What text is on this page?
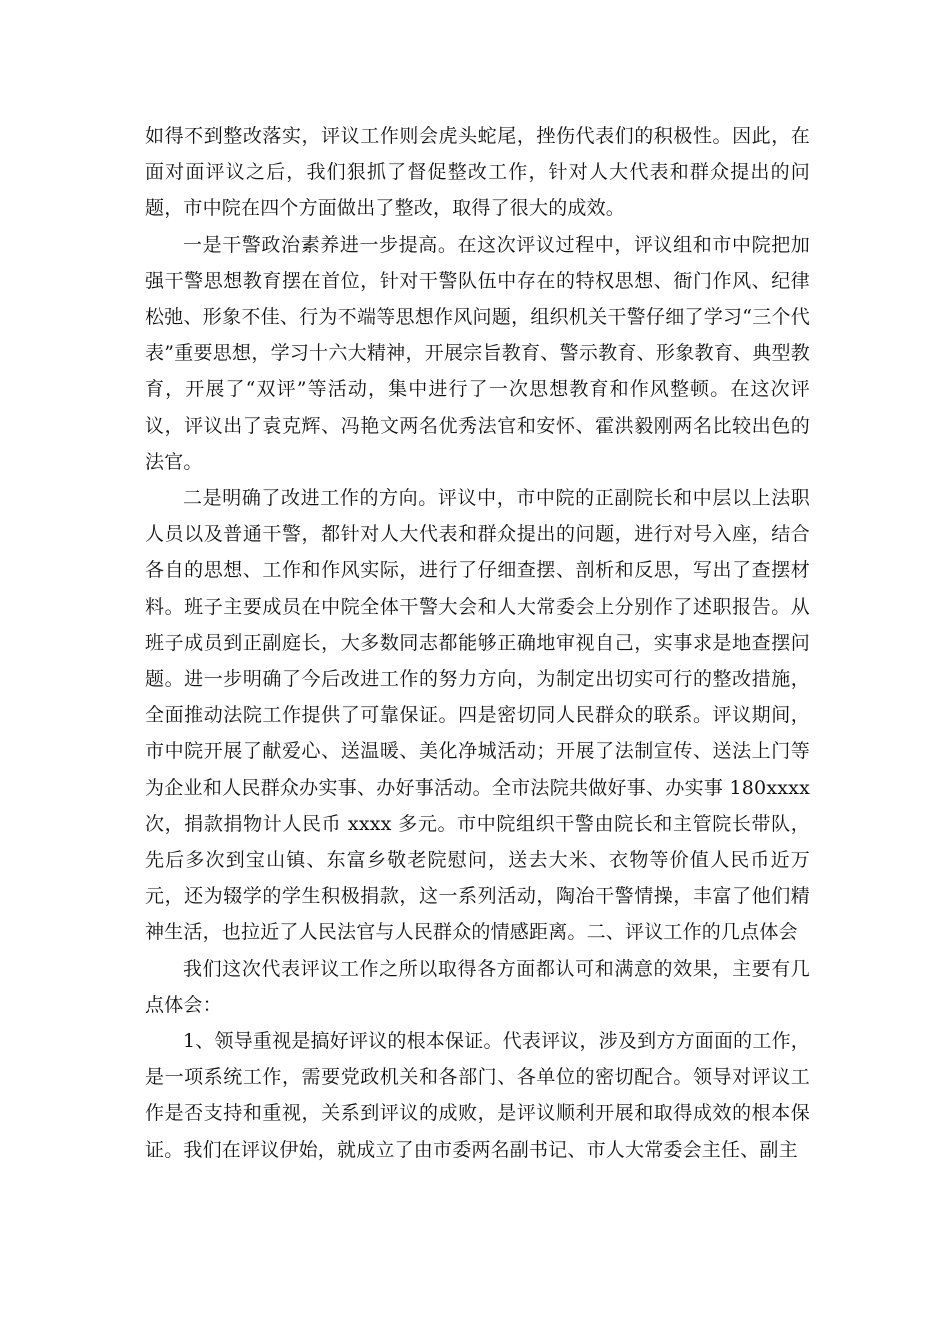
如得不到整改落实，评议工作则会虎头蛇尾，挫伤代表们的积极性。因此，在面对面评议之后，我们狠抓了督促整改工作，针对人大代表和群众提出的问题，市中院在四个方面做出了整改，取得了很大的成效。

一是干警政治素养进一步提高。在这次评议过程中，评议组和市中院把加强干警思想教育摆在首位，针对干警队伍中存在的特权思想、衙门作风、纪律松弛、形象不佳、行为不端等思想作风问题，组织机关干警仔细了学习“三个代表”重要思想，学习十六大精神，开展宗旨教育、警示教育、形象教育、典型教育，开展了“双评”等活动，集中进行了一次思想教育和作风整顿。在这次评议，评议出了袁克辉、冯艳文两名优秀法官和安怀、霍洪毅刚两名比较出色的法官。

二是明确了改进工作的方向。评议中，市中院的正副院长和中层以上法职人员以及普通干警，都针对人大代表和群众提出的问题，进行对号入座，结合各自的思想、工作和作风实际，进行了仔细查摆、剖析和反思，写出了查摆材料。班子主要成员在中院全体干警大会和人大常委会上分别作了述职报告。从班子成员到正副庭长，大多数同志都能够正确地审视自己，实事求是地查摆问题。进一步明确了今后改进工作的努力方向，为制定出切实可行的整改措施，全面推动法院工作提供了可靠保证。四是密切同人民群众的联系。评议期间，市中院开展了献爱心、送温暖、美化净城活动；开展了法制宣传、送法上门等为企业和人民群众办实事、办好事活动。全市法院共做好事、办实事 180xxxx 次，捐款捐物计人民币 xxxx 多元。市中院组织干警由院长和主管院长带队，先后多次到宝山镇、东富乡敬老院慰问，送去大米、衣物等价值人民币近万元，还为辍学的学生积极捐款，这一系列活动，陶冶干警情操，丰富了他们精神生活，也拉近了人民法官与人民群众的情感距离。二、评议工作的几点体会

我们这次代表评议工作之所以取得各方面都认可和满意的效果，主要有几点体会：

1、领导重视是搞好评议的根本保证。代表评议，涉及到方方面面的工作，是一项系统工作，需要党政机关和各部门、各单位的密切配合。领导对评议工作是否支持和重视，关系到评议的成败，是评议顺利开展和取得成效的根本保证。我们在评议伊始，就成立了由市委两名副书记、市人大常委会主任、副主
